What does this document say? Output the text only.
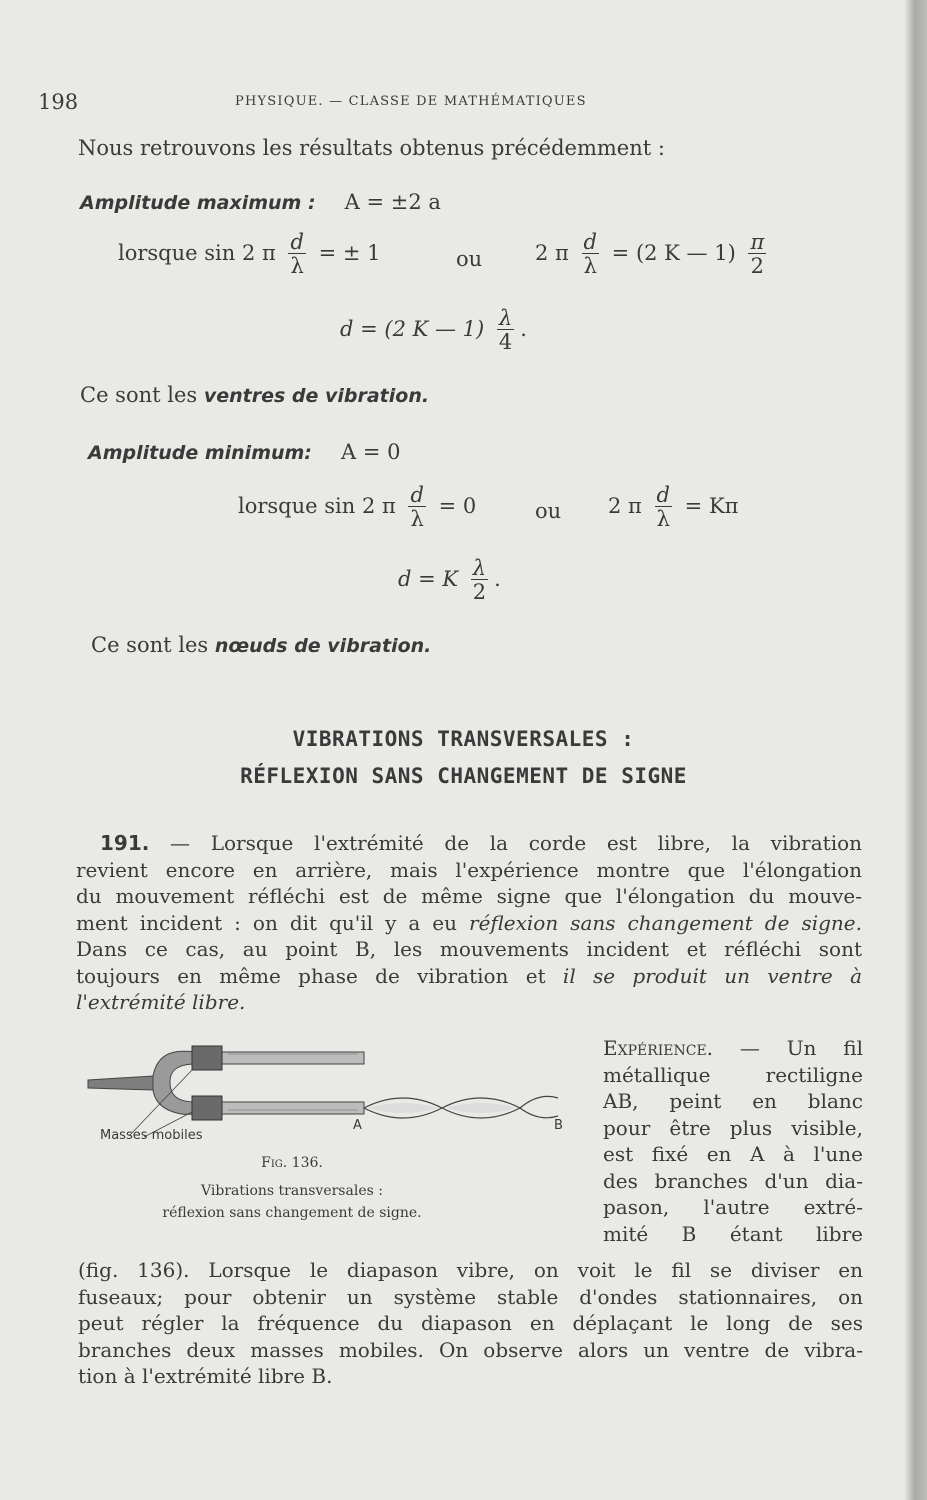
198	PHYSIQUE. — CLASSE DE MATHÉMATIQUES
Nous retrouvons les résultats obtenus précédemment :
Amplitude maximum : A = ±2 a
lorsque sin 2 π $\frac{d}{\lambda}$ = ± 1	ou	2 π $\frac{d}{\lambda} = (2$ K — $1) \frac{\pi}{2}$
d = (2 K — $1) \frac{\lambda}{4}$ .
Ce sont les ventres de vibration.
Amplitude minimum: A = 0
lorsque sin 2 π $\frac{d}{\lambda} = 0$	ou 2 π $\frac{d}{\lambda} = K\pi$
d = K $\frac{\lambda}{2}$ .
Ce sont les nœuds de vibration.
VIBRATIONS TRANSVERSALES :
RÉFLEXION SANS CHANGEMENT DE SIGNE
191. — Lorsque l'extrémité de la corde est libre, la vibration
revient encore en arrière, mais l'expérience montre que l'élongation
du mouvement réfléchi est de même signe que l'élongation du mouve-
ment incident : on dit qu'il y a eu réflexion sans changement de signe.
Dans ce cas, au point B, les mouvements incident et réfléchi sont
toujours en même phase de vibration et il se produit un ventre à
l'extrémité libre.
Masses mobiles
A	B
Fig. 136.
Vibrations transversales :
réflexion sans changement de signe.
Expérience. — Un fil
métallique rectiligne
AB, peint en blanc
pour être plus visible,
est fixé en A à l'une
des branches d'un dia-
pason, l'autre extré-
mité B étant libre
(fig. 136). Lorsque le diapason vibre, on voit le fil se diviser en
fuseaux; pour obtenir un système stable d'ondes stationnaires, on
peut régler la fréquence du diapason en déplaçant le long de ses
branches deux masses mobiles. On observe alors un ventre de vibra-
tion à l'extrémité libre B.
